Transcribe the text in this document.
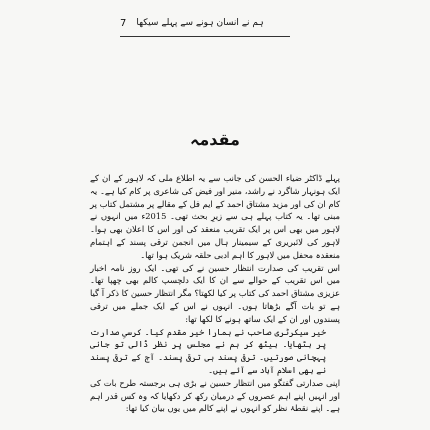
ہم نے انسان ہونے سے پہلے سیکھا
7
مقدمہ

پہلے ڈاکٹر ضیاء الحسن کی جانب سے یہ اطلاع ملی کہ لاہور کے ان کے ایک ہونہار شاگرد نے راشد، منیر اور فیض کی شاعری پر کام کیا ہے۔ یہ کام ان کی اور مزید مشتاق احمد کے ایم فل کے مقالے پر مشتمل کتاب پر مبنی تھا۔ یہ کتاب پہلے ہی سے زیرِ بحث تھی۔ 2015ء میں انہوں نے لاہور میں بھی اس پر ایک تقریب منعقد کی اور اس کا اعلان بھی ہوا۔ لاہور کی لائبریری کے سیمینار ہال میں انجمن ترقی پسند کے اہتمام منعقدہ محفل میں لاہور کا اہم ادبی حلقہ شریک ہوا تھا۔

اس تقریب کی صدارت انتظار حسین نے کی تھی۔ ایک روز نامہ اخبار میں اس تقریب کے حوالے سے ان کا ایک دلچسپ کالم بھی چھپا تھا۔ عزیزی مشتاق احمد کی کتاب پر کیا لکھتا؟ مگر انتظار حسین کا ذکر آ گیا ہے تو بات آگے بڑھاتا ہوں۔ انہوں نے اس کے ایک جملے میں ترقی پسندوں اور ان کے ایک ساتھ ہونے کا لکھا تھا:

خیر سیکرٹری صاحب نے ہمارا خیر مقدم کیا۔ کرسیِ صدارت پر بٹھایا۔ بیٹھ کر ہم نے مجلس پر نظر ڈالی تو جانی پہچانی صورتیں۔ ترقی پسند ہی ترقی پسند۔ آج کے ترقی پسند نے بھی اسلام آباد سے آئے ہیں۔

اپنی صدارتی گفتگو میں انتظار حسین نے بڑی ہی برجستہ طرح بات کی اور انہیں اپنے اہم عصروں کے درمیان رکھ کر دکھایا کہ وہ کس قدر اہم ہے۔ اپنے نقطۂ نظر کو انہوں نے اپنے کالم میں یوں بیان کیا تھا:
